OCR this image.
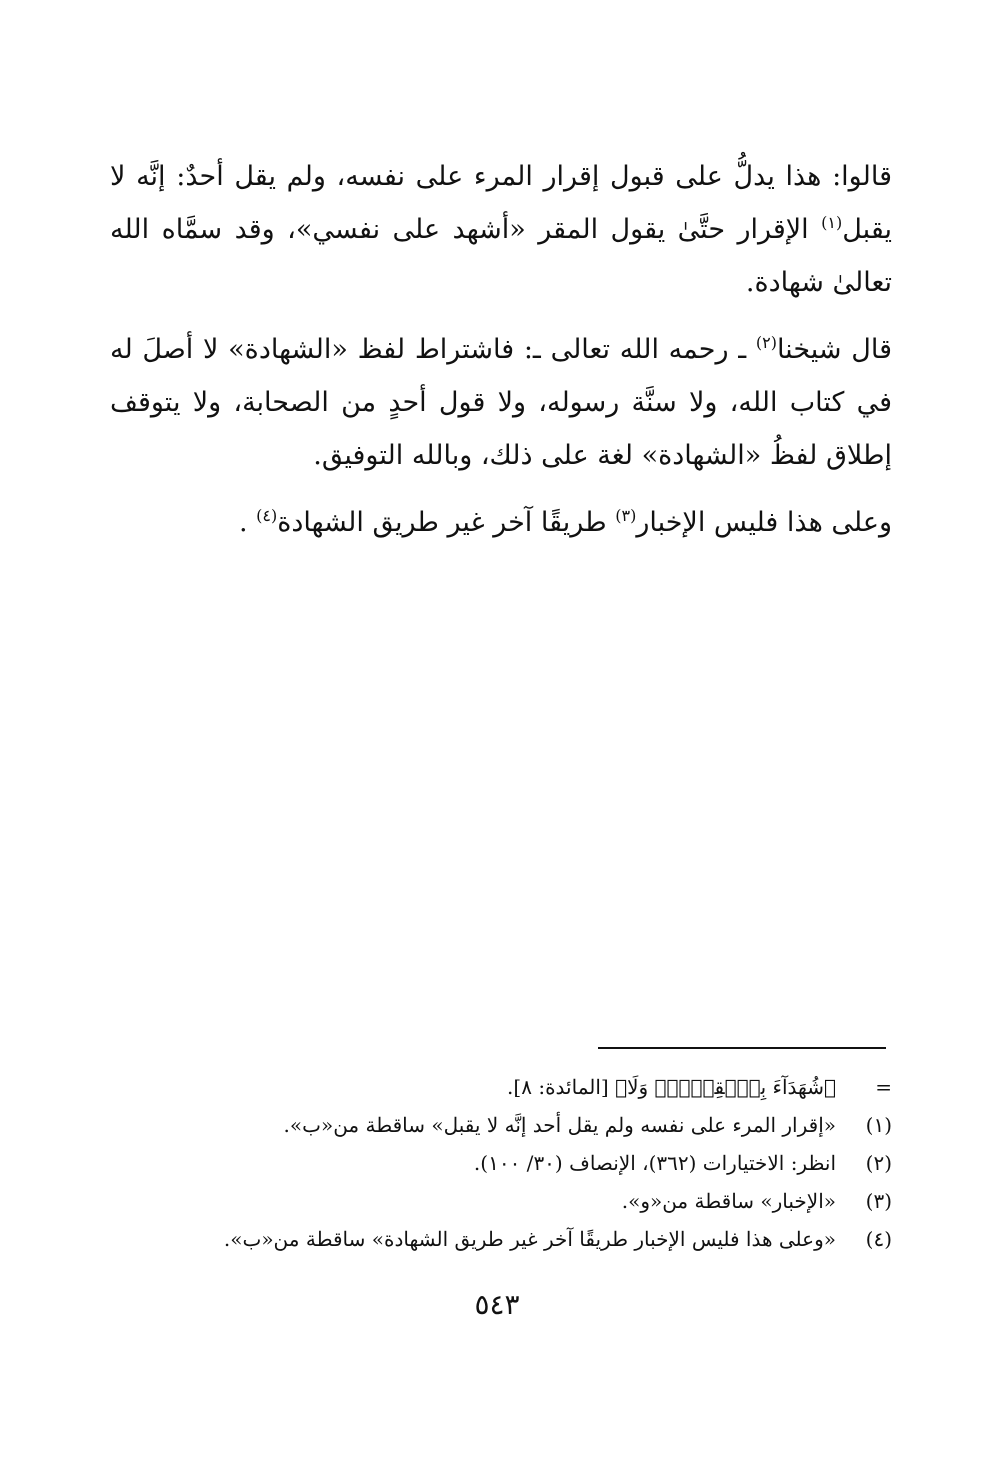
قالوا: هذا يدلُّ على قبول إقرار المرء على نفسه، ولم يقل أحدٌ: إنَّه لا يقبل$^{(١)}$ الإقرار حتَّىٰ يقول المقر «أشهد على نفسي»، وقد سمَّاه الله تعالىٰ شهادة.

قال شيخنا$^{(٢)}$ ـ رحمه الله تعالى ـ: فاشتراط لفظ «الشهادة» لا أصلَ له في كتاب الله، ولا سنَّة رسوله، ولا قول أحدٍ من الصحابة، ولا يتوقف إطلاق لفظُ «الشهادة» لغة على ذلك، وبالله التوفيق.

وعلى هذا فليس الإخبار$^{(٣)}$ طريقًا آخر غير طريق الشهادة$^{(٤)}$ .

=
﴿شُهَدَآءَ بِٱلۡقِسۡطِۖ وَلَا﴾ [المائدة: ٨].
(١)
«إقرار المرء على نفسه ولم يقل أحد إنَّه لا يقبل» ساقطة من«ب».
(٢)
انظر: الاختيارات (٣٦٢)، الإنصاف (٣٠/ ١٠٠).
(٣)
«الإخبار» ساقطة من«و».
(٤)
«وعلى هذا فليس الإخبار طريقًا آخر غير طريق الشهادة» ساقطة من«ب».
٥٤٣
